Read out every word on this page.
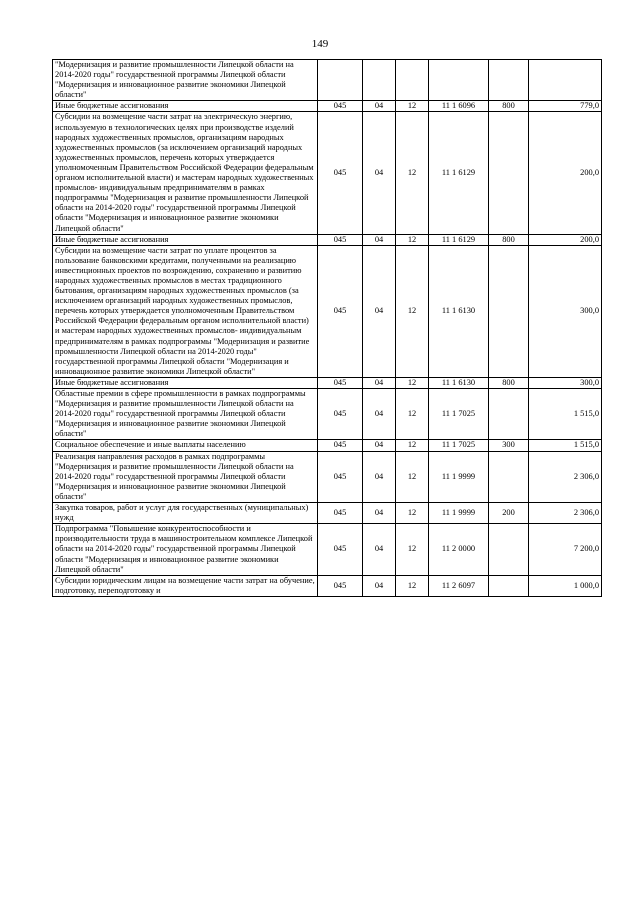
149
"Модернизация и развитие промышленности Липецкой области на 2014-2020 годы" государственной программы Липецкой области "Модернизация и инновационное развитие экономики Липецкой области"						
Иные бюджетные ассигнования	045	04	12	11 1 6096	800	779,0
Субсидии на возмещение части затрат на электрическую энергию, используемую в технологических целях при производстве изделий народных художественных промыслов, организациям народных художественных промыслов (за исключением организаций народных художественных промыслов, перечень которых утверждается уполномоченным Правительством Российской Федерации федеральным органом исполнительной власти) и мастерам народных художественных промыслов- индивидуальным предпринимателям в рамках подпрограммы "Модернизация и развитие промышленности Липецкой области на 2014-2020 годы" государственной программы Липецкой области "Модернизация и инновационное развитие экономики Липецкой области"	045	04	12	11 1 6129		200,0
Иные бюджетные ассигнования	045	04	12	11 1 6129	800	200,0
Субсидии на возмещение части затрат по уплате процентов за пользование банковскими кредитами, полученными на реализацию инвестиционных проектов по возрождению, сохранению и развитию народных художественных промыслов в местах традиционного бытования, организациям народных художественных промыслов (за исключением организаций народных художественных промыслов, перечень которых утверждается уполномоченным Правительством Российской Федерации федеральным органом исполнительной власти) и мастерам народных художественных промыслов- индивидуальным предпринимателям в рамках подпрограммы "Модернизация и развитие промышленности Липецкой области на 2014-2020 годы" государственной программы Липецкой области "Модернизация и инновационное развитие экономики Липецкой области"	045	04	12	11 1 6130		300,0
Иные бюджетные ассигнования	045	04	12	11 1 6130	800	300,0
Областные премии в сфере промышленности в рамках подпрограммы "Модернизация и развитие промышленности Липецкой области на 2014-2020 годы" государственной программы Липецкой области "Модернизация и инновационное развитие экономики Липецкой области"	045	04	12	11 1 7025		1 515,0
Социальное обеспечение и иные выплаты населению	045	04	12	11 1 7025	300	1 515,0
Реализация направления расходов в рамках подпрограммы "Модернизация и развитие промышленности Липецкой области на 2014-2020 годы" государственной программы Липецкой области "Модернизация и инновационное развитие экономики Липецкой области"	045	04	12	11 1 9999		2 306,0
Закупка товаров, работ и услуг для государственных (муниципальных) нужд	045	04	12	11 1 9999	200	2 306,0
Подпрограмма "Повышение конкурентоспособности и производительности труда в машиностроительном комплексе Липецкой области на 2014-2020 годы" государственной программы Липецкой области "Модернизация и инновационное развитие экономики Липецкой области"	045	04	12	11 2 0000		7 200,0
Субсидии юридическим лицам на возмещение части затрат на обучение, подготовку, переподготовку и	045	04	12	11 2 6097		1 000,0
